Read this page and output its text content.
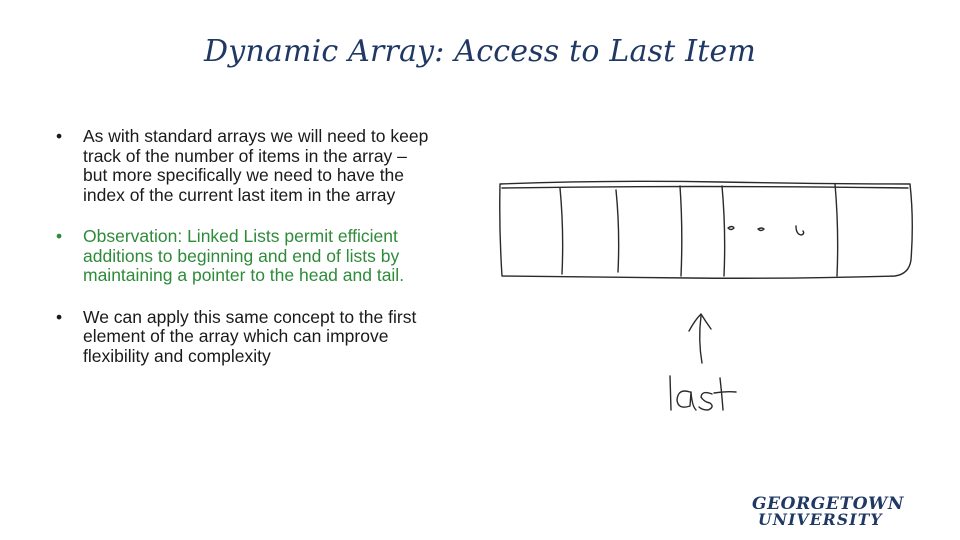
Dynamic Array: Access to Last Item
• As with standard arrays we will need to keep track of the number of items in the array – but more specifically we need to have the index of the current last item in the array
• Observation: Linked Lists permit efficient additions to beginning and end of lists by maintaining a pointer to the head and tail.
• We can apply this same concept to the first element of the array which can improve flexibility and complexity
GEORGETOWN
UNIVERSITY
